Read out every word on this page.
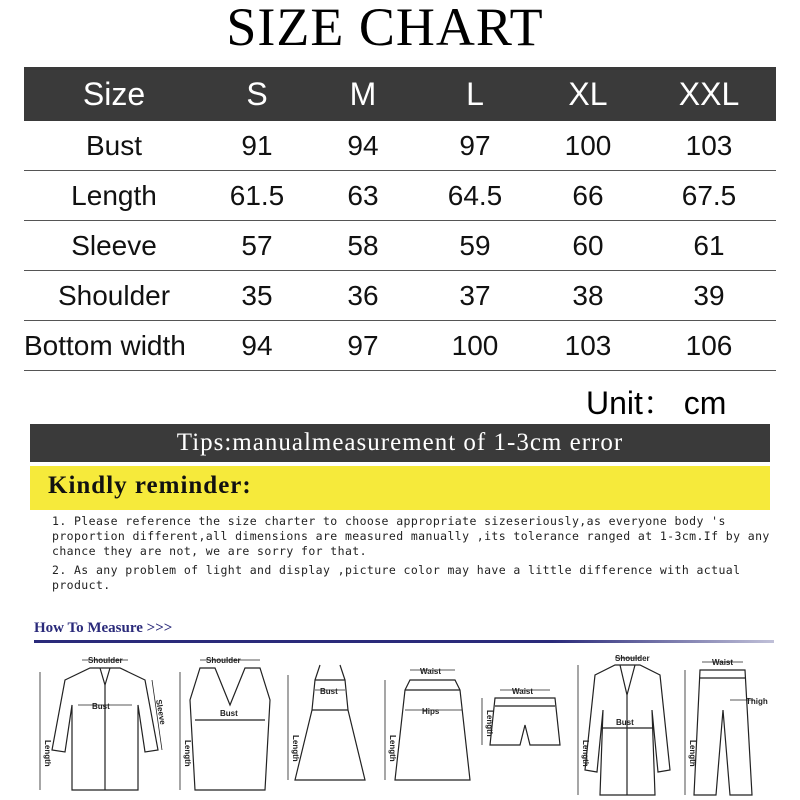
SIZE CHART
Size	S	M	L	XL	XXL
Bust	91	94	97	100	103
Length	61.5	63	64.5	66	67.5
Sleeve	57	58	59	60	61
Shoulder	35	36	37	38	39
Bottom width	94	97	100	103	106
Unit： cm
Tips:manualmeasurement of 1-3cm error
Kindly reminder:

1. Please reference the size charter to choose appropriate sizeseriously,as everyone body 's proportion different,all dimensions are measured manually ,its tolerance ranged at 1-3cm.If by any chance they are not, we are sorry for that.

2. As any problem of light and display ,picture color may have a little difference with actual product.

How To Measure >>>
Shoulder
Bust
Shoulder
Bust
Bust
Waist
Hips
Waist
Shoulder
Bust
Waist
Thigh
Length
Sleeve
Length	Length	Length
Length
Length	Length
